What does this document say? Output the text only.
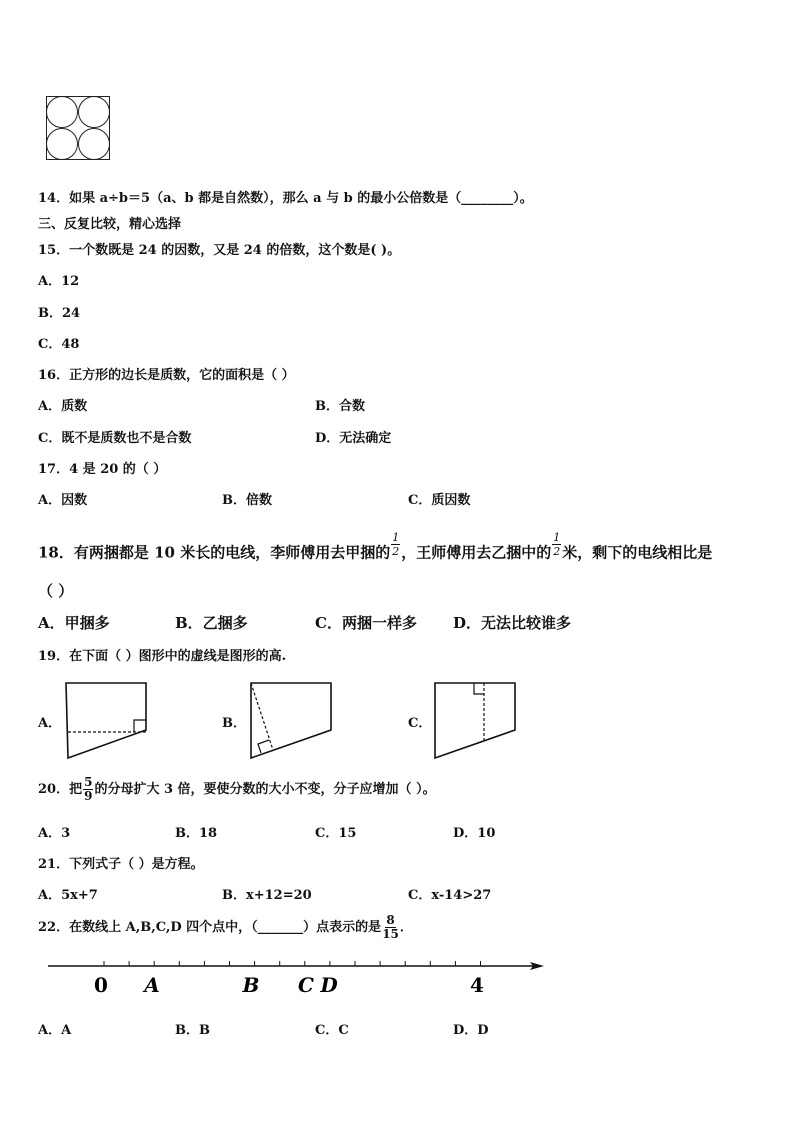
14．如果 a÷b＝5（a、b 都是自然数），那么 a 与 b 的最小公倍数是（________）。
三、反复比较，精心选择
15．一个数既是 24 的因数，又是 24 的倍数，这个数是( )。
A．12
B．24
C．48
16．正方形的边长是质数，它的面积是（ ）
A．质数	B．合数
C．既不是质数也不是合数	D．无法确定
17．4 是 20 的（ ）
A．因数	B．倍数	C．质因数
18．有两捆都是 10 米长的电线，李师傅用去甲捆的 $\frac{1}{2}$ ，王师傅用去乙捆中的 $\frac{1}{2}$ 米，剩下的电线相比是
（ ）
A．甲捆多	B．乙捆多	C．两捆一样多 D．无法比较谁多
19．在下面（ ）图形中的虚线是图形的高.
A．	B．	C．
20．把 $\frac{5}{9}$ 的分母扩大 3 倍，要使分数的大小不变，分子应增加（ ）。
A．3	B．18	C．15	D．10
21．下列式子（ ）是方程。
A．5x+7	B．x+12=20	C．x-14>27
22．在数线上 A,B,C,D 四个点中，（_______）点表示的是 $\frac{8}{15}$ ．
0 A	B C D	4
A．A	B．B	C．C	D．D
